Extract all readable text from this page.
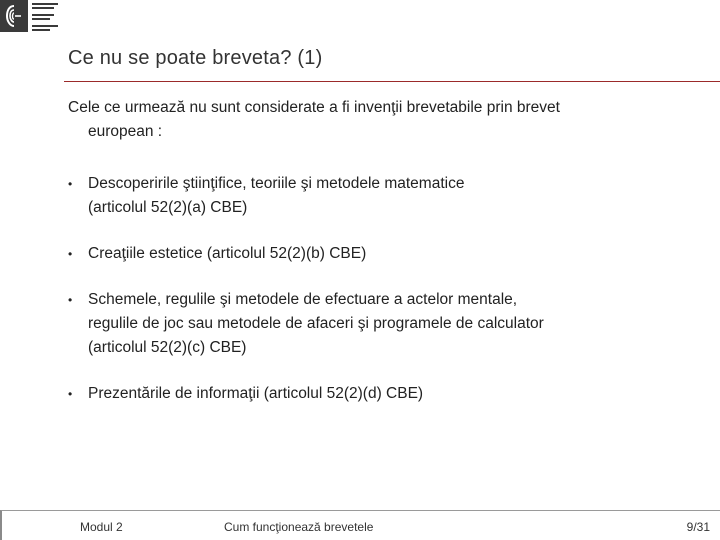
Ce nu se poate breveta? (1)
Cele ce urmează nu sunt considerate a fi invenţii brevetabile prin brevet
european :
• Descoperirile ştiinţifice, teoriile şi metodele matematice
(articolul 52(2)(a) CBE)
• Creaţiile estetice (articolul 52(2)(b) CBE)
• Schemele, regulile şi metodele de efectuare a actelor mentale,
regulile de joc sau metodele de afaceri şi programele de calculator
(articolul 52(2)(c) CBE)
• Prezentările de informaţii (articolul 52(2)(d) CBE)
Modul 2	Cum funcţionează brevetele	9/31
